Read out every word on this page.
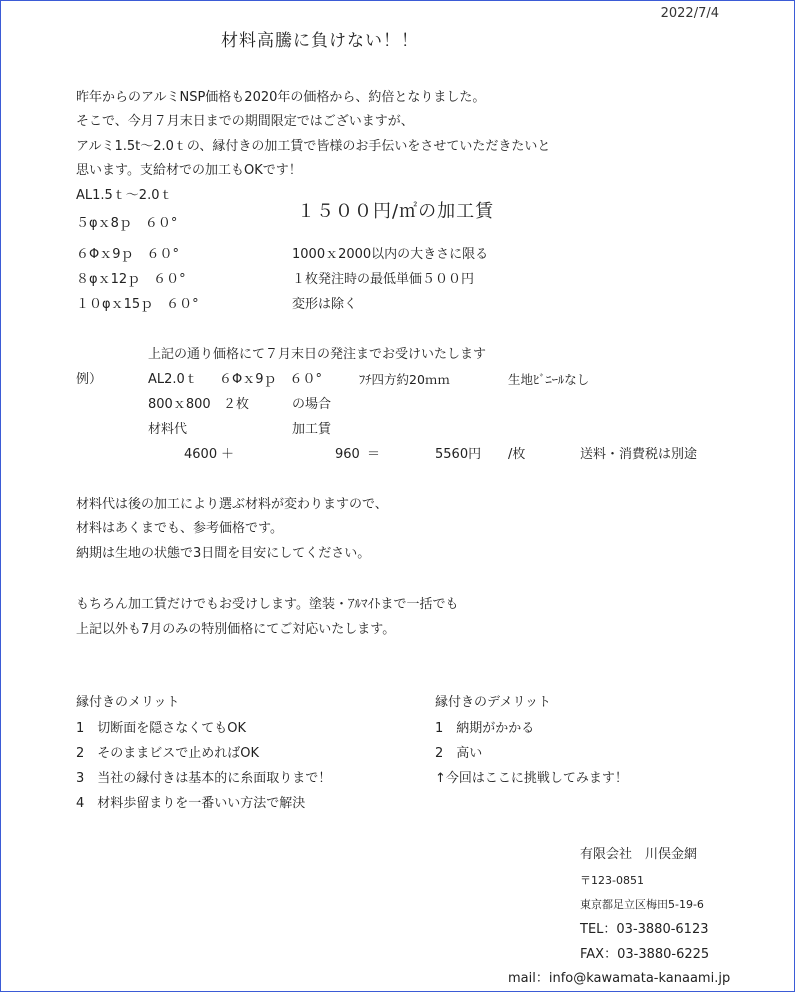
2022/7/4
材料高騰に負けない！！
昨年からのアルミNSP価格も2020年の価格から、約倍となりました。
そこで、今月７月末日までの期間限定ではございますが、
アルミ1.5t～2.0ｔの、縁付きの加工賃で皆様のお手伝いをさせていただきたいと
思います。支給材での加工もOKです！
AL1.5ｔ～2.0ｔ
５φｘ8ｐ　６０°
６Φｘ9ｐ　６０°
８φｘ12ｐ　６０°
１０φｘ15ｐ　６０°
１５００円/㎡の加工賃
1000ｘ2000以内の大きさに限る
１枚発注時の最低単価５００円
変形は除く
上記の通り価格にて７月末日の発注までお受けいたします
例）	AL2.0ｔ ６Φｘ9ｐ　６０°	ﾌﾁ四方約20ｍｍ	生地ﾋﾞﾆｰﾙなし
800ｘ800 ２枚	の場合
材料代	加工賃
4600 ＋	960 ＝	5560円 /枚	送料・消費税は別途
材料代は後の加工により選ぶ材料が変わりますので、
材料はあくまでも、参考価格です。
納期は生地の状態で3日間を目安にしてください。
もちろん加工賃だけでもお受けします。塗装・ｱﾙﾏｲﾄまで一括でも
上記以外も7月のみの特別価格にてご対応いたします。
縁付きのメリット
1　切断面を隠さなくてもOK
2　そのままビスで止めればOK
3　当社の縁付きは基本的に糸面取りまで！
4　材料歩留まりを一番いい方法で解決
縁付きのデメリット
1　納期がかかる
2　高い
↑今回はここに挑戦してみます！
有限会社　川俣金網
〒123-0851
東京都足立区梅田5-19-6
TEL：03-3880-6123
FAX：03-3880-6225
mail：info@kawamata-kanaami.jp
